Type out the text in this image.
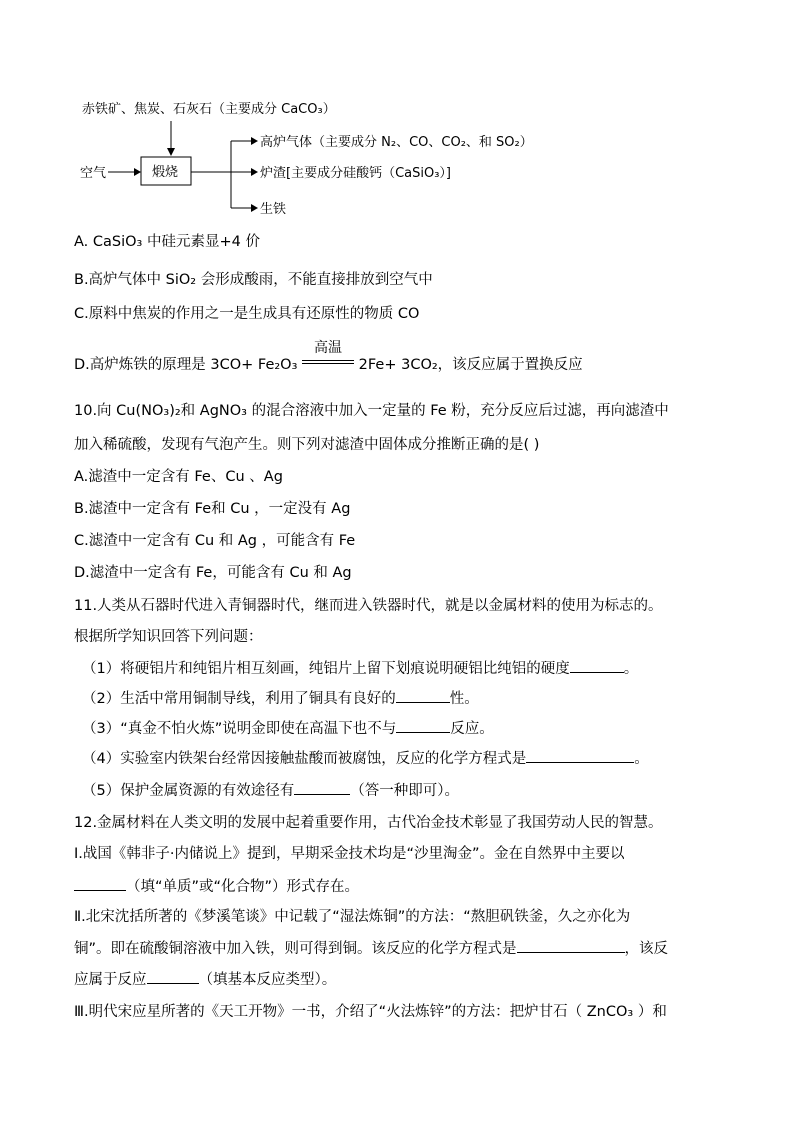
赤铁矿、焦炭、石灰石（主要成分 CaCO₃）
空气	煅烧
高炉气体（主要成分 N₂、CO、CO₂、和 SO₂）
炉渣[主要成分硅酸钙（CaSiO₃）]
生铁
A. CaSiO₃ 中硅元素显+4 价
B.高炉气体中 SiO₂ 会形成酸雨，不能直接排放到空气中
C.原料中焦炭的作用之一是生成具有还原性的物质 CO
D.高炉炼铁的原理是 3CO+ Fe₂O₃
高温
2Fe+ 3CO₂，该反应属于置换反应
10.向 Cu(NO₃)₂和 AgNO₃ 的混合溶液中加入一定量的 Fe 粉，充分反应后过滤，再向滤渣中
加入稀硫酸，发现有气泡产生。则下列对滤渣中固体成分推断正确的是( )
A.滤渣中一定含有 Fe、Cu 、Ag
B.滤渣中一定含有 Fe和 Cu ，一定没有 Ag
C.滤渣中一定含有 Cu 和 Ag ，可能含有 Fe
D.滤渣中一定含有 Fe，可能含有 Cu 和 Ag
11.人类从石器时代进入青铜器时代，继而进入铁器时代，就是以金属材料的使用为标志的。
根据所学知识回答下列问题：
（1）将硬铝片和纯铝片相互刻画，纯铝片上留下划痕说明硬铝比纯铝的硬度	。
（2）生活中常用铜制导线，利用了铜具有良好的	性。
（3）“真金不怕火炼”说明金即使在高温下也不与	反应。
（4）实验室内铁架台经常因接触盐酸而被腐蚀，反应的化学方程式是	。
（5）保护金属资源的有效途径有	（答一种即可）。
12.金属材料在人类文明的发展中起着重要作用，古代冶金技术彰显了我国劳动人民的智慧。
Ⅰ.战国《韩非子·内储说上》提到，早期采金技术均是“沙里淘金”。金在自然界中主要以
（填“单质”或“化合物”）形式存在。
Ⅱ.北宋沈括所著的《梦溪笔谈》中记载了“湿法炼铜”的方法：“熬胆矾铁釜，久之亦化为
铜”。即在硫酸铜溶液中加入铁，则可得到铜。该反应的化学方程式是	，该反
应属于反应	（填基本反应类型）。
Ⅲ.明代宋应星所著的《天工开物》一书，介绍了“火法炼锌”的方法：把炉甘石（ ZnCO₃ ）和
